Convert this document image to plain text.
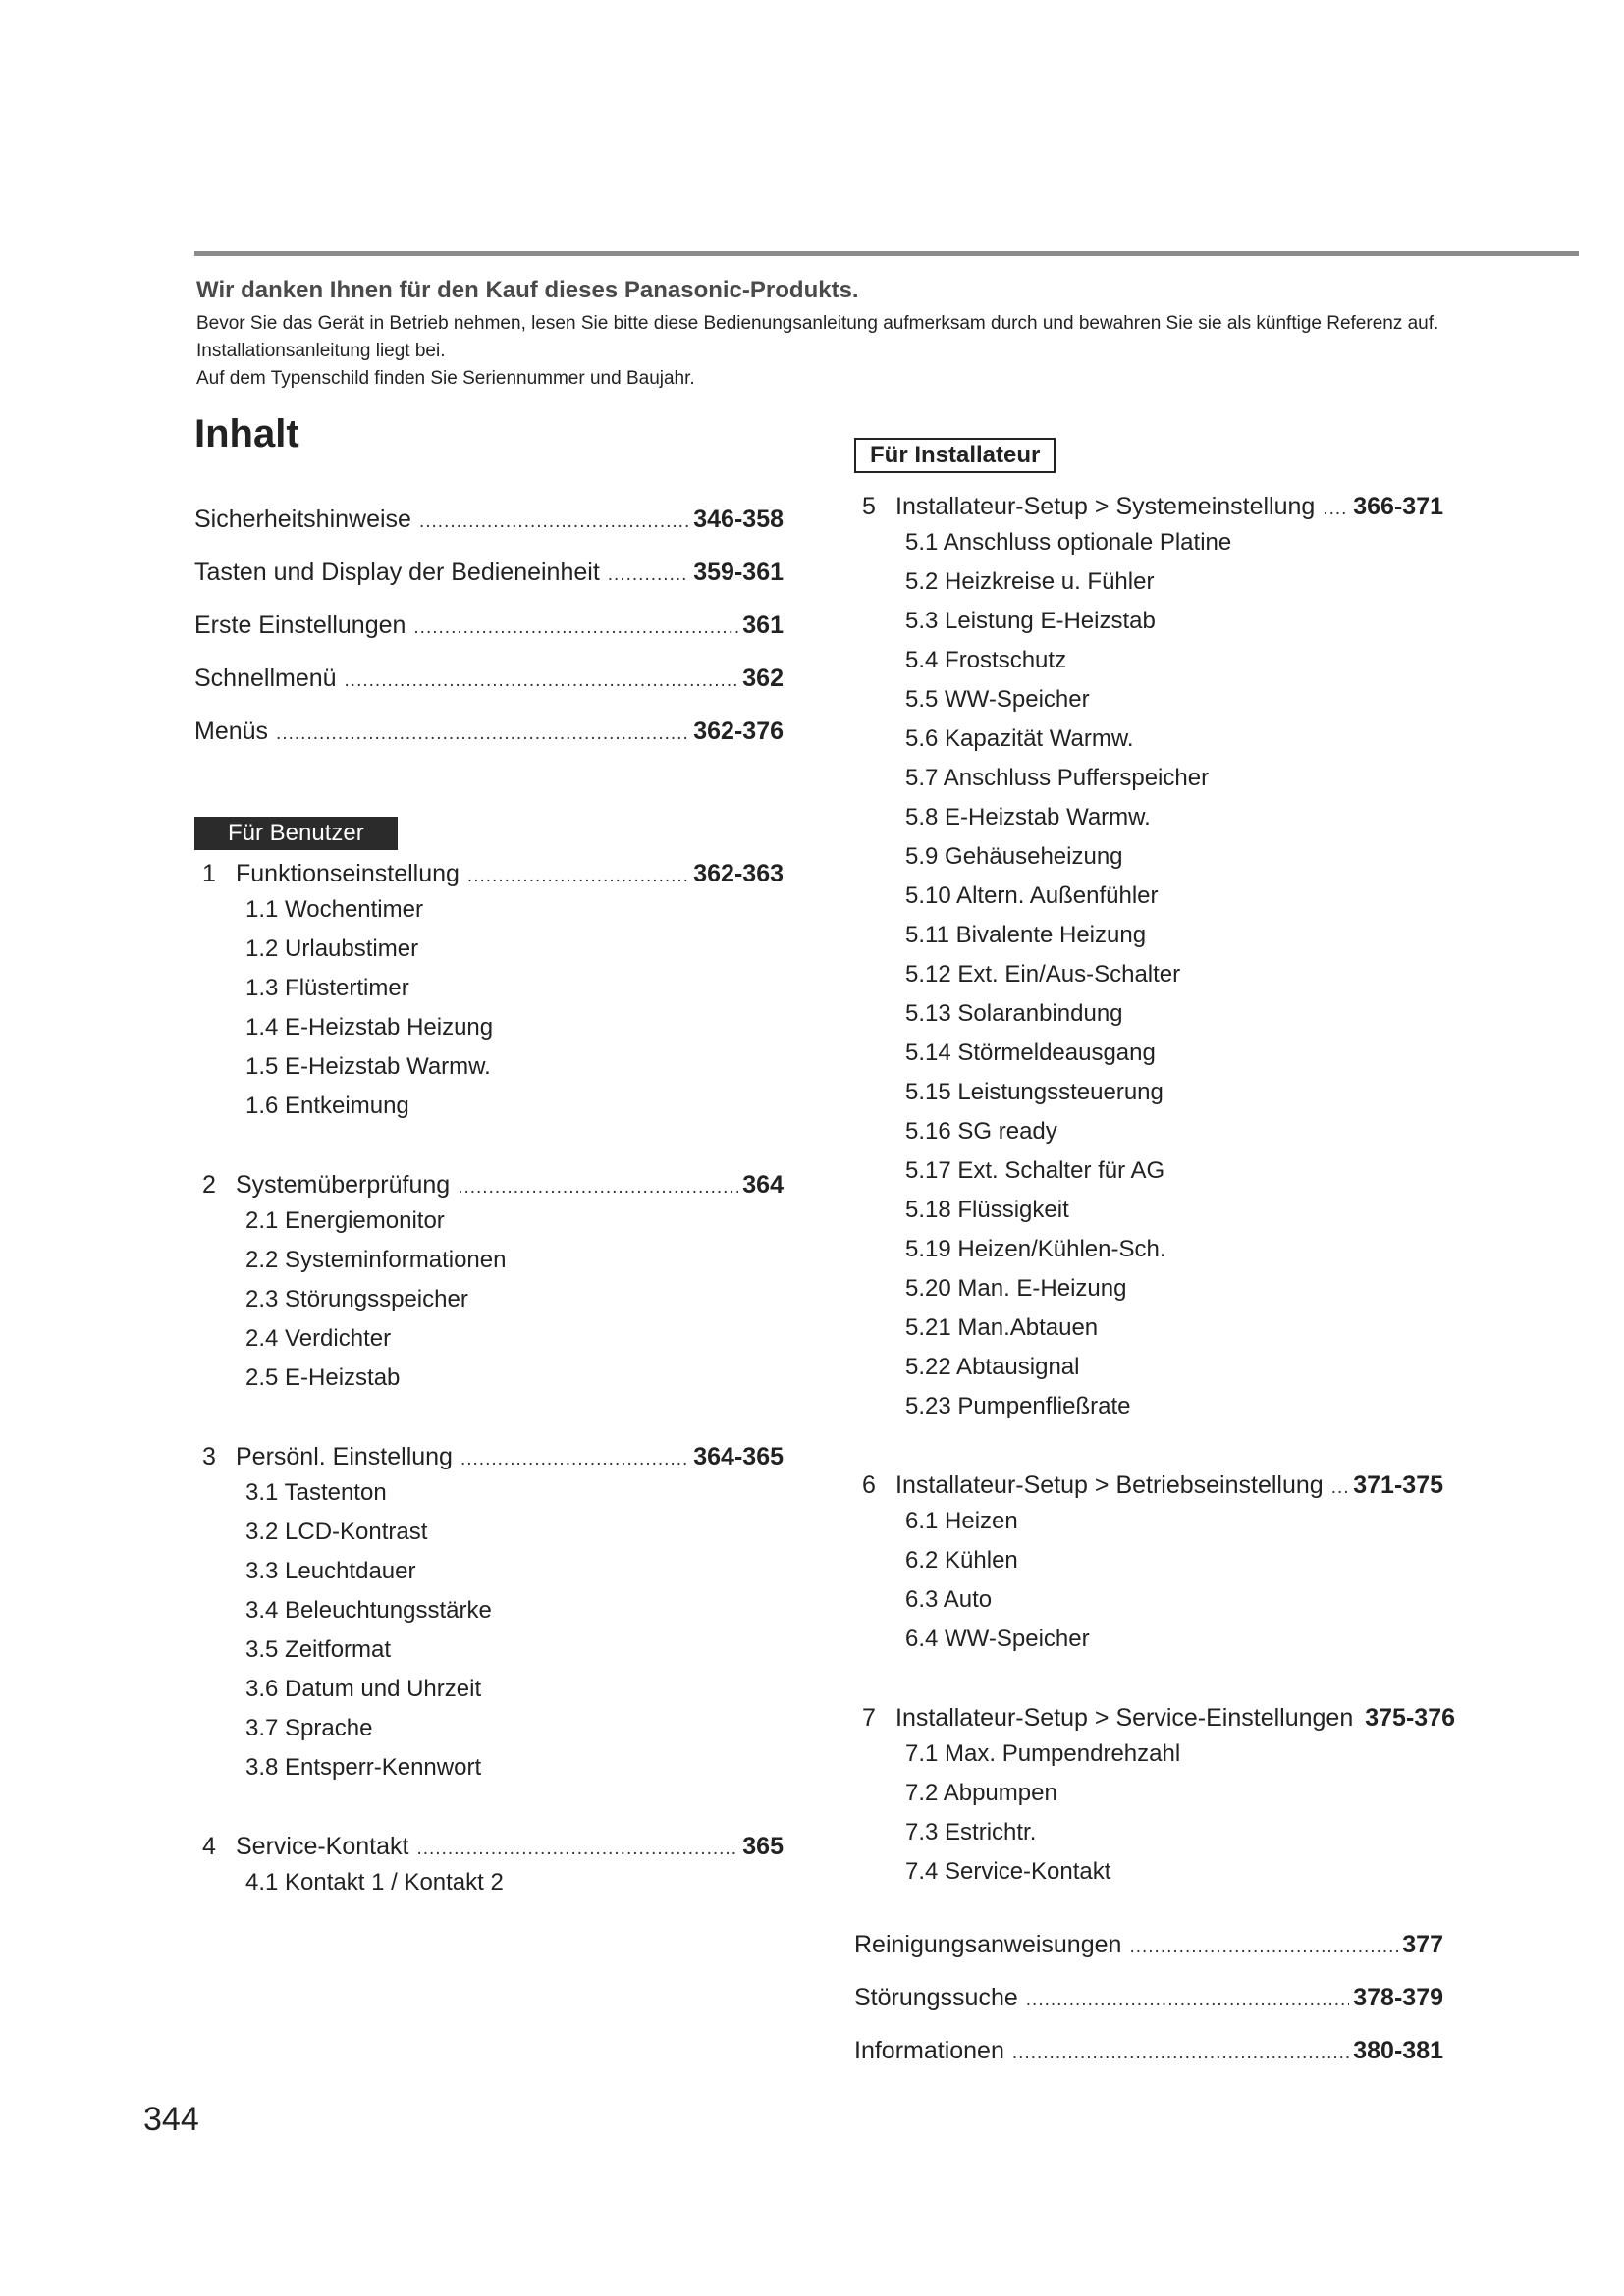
Wir danken Ihnen für den Kauf dieses Panasonic-Produkts.
Bevor Sie das Gerät in Betrieb nehmen, lesen Sie bitte diese Bedienungsanleitung aufmerksam durch und bewahren Sie sie als künftige Referenz auf.
Installationsanleitung liegt bei.
Auf dem Typenschild finden Sie Seriennummer und Baujahr.
Inhalt
Sicherheitshinweise .....	346-358
Tasten und Display der Bedieneinheit .....	359-361
Erste Einstellungen .....	361
Schnellmenü .....	362
Menüs .....	362-376
Für Benutzer
1 Funktionseinstellung .....	362-363
1.1 Wochentimer
1.2 Urlaubstimer
1.3 Flüstertimer
1.4 E-Heizstab Heizung
1.5 E-Heizstab Warmw.
1.6 Entkeimung
2 Systemüberprüfung .....	364
2.1 Energiemonitor
2.2 Systeminformationen
2.3 Störungsspeicher
2.4 Verdichter
2.5 E-Heizstab
3 Persönl. Einstellung .....	364-365
3.1 Tastenton
3.2 LCD-Kontrast
3.3 Leuchtdauer
3.4 Beleuchtungsstärke
3.5 Zeitformat
3.6 Datum und Uhrzeit
3.7 Sprache
3.8 Entsperr-Kennwort
4 Service-Kontakt .....	365
4.1 Kontakt 1 / Kontakt 2
Für Installateur
5 Installateur-Setup > Systemeinstellung ..... 366-371
5.1 Anschluss optionale Platine
5.2 Heizkreise u. Fühler
5.3 Leistung E-Heizstab
5.4 Frostschutz
5.5 WW-Speicher
5.6 Kapazität Warmw.
5.7 Anschluss Pufferspeicher
5.8 E-Heizstab Warmw.
5.9 Gehäuseheizung
5.10 Altern. Außenfühler
5.11 Bivalente Heizung
5.12 Ext. Ein/Aus-Schalter
5.13 Solaranbindung
5.14 Störmeldeausgang
5.15 Leistungssteuerung
5.16 SG ready
5.17 Ext. Schalter für AG
5.18 Flüssigkeit
5.19 Heizen/Kühlen-Sch.
5.20 Man. E-Heizung
5.21 Man.Abtauen
5.22 Abtausignal
5.23 Pumpenfließrate
6 Installateur-Setup > Betriebseinstellung ..... 371-375
6.1 Heizen
6.2 Kühlen
6.3 Auto
6.4 WW-Speicher
7 Installateur-Setup > Service-Einstellungen 375-376
7.1 Max. Pumpendrehzahl
7.2 Abpumpen
7.3 Estrichtr.
7.4 Service-Kontakt
Reinigungsanweisungen .....	377
Störungssuche .....	378-379
Informationen .....	380-381
344
